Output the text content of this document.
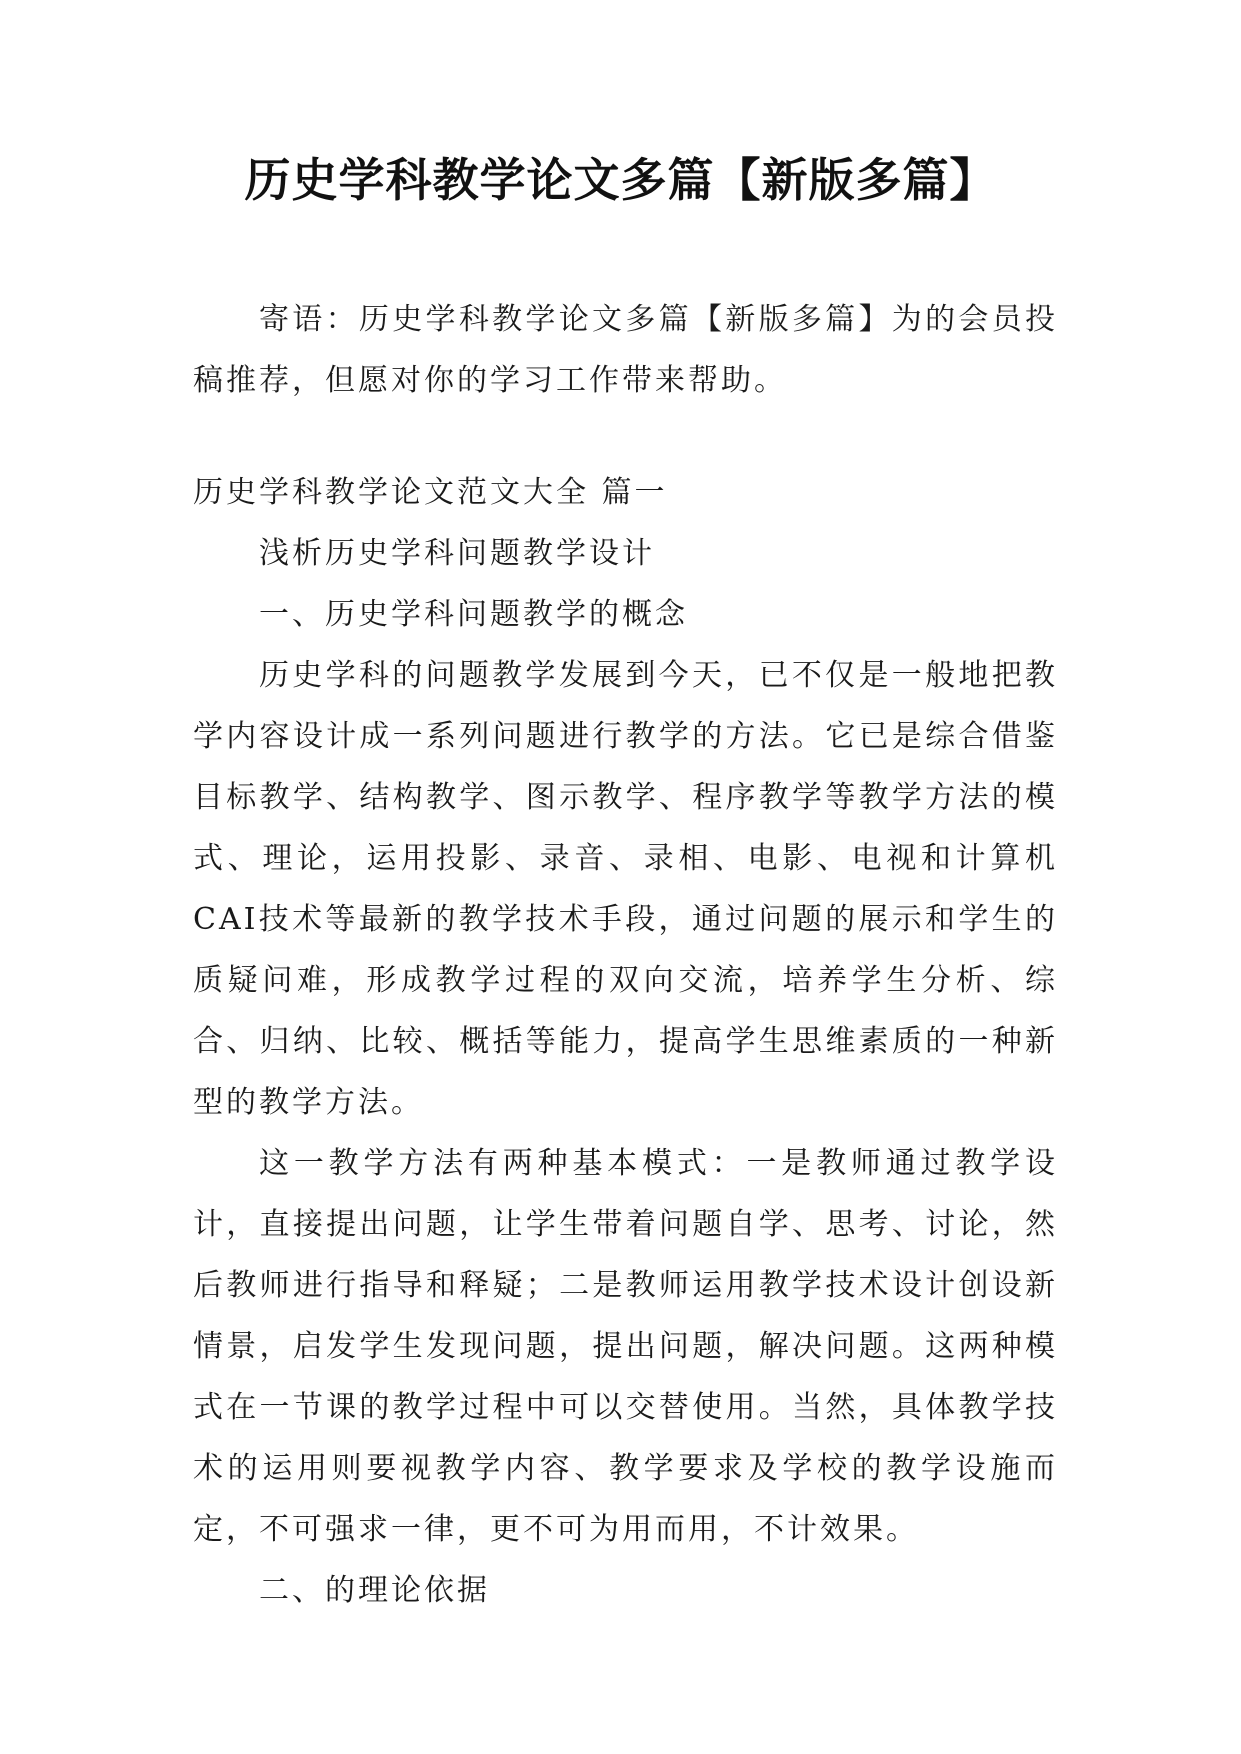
历史学科教学论文多篇【新版多篇】

寄语：历史学科教学论文多篇【新版多篇】为的会员投稿推荐，但愿对你的学习工作带来帮助。

历史学科教学论文范文大全 篇一

浅析历史学科问题教学设计

一、历史学科问题教学的概念

历史学科的问题教学发展到今天，已不仅是一般地把教学内容设计成一系列问题进行教学的方法。它已是综合借鉴目标教学、结构教学、图示教学、程序教学等教学方法的模式、理论，运用投影、录音、录相、电影、电视和计算机CAI技术等最新的教学技术手段，通过问题的展示和学生的质疑问难，形成教学过程的双向交流，培养学生分析、综合、归纳、比较、概括等能力，提高学生思维素质的一种新型的教学方法。

这一教学方法有两种基本模式：一是教师通过教学设计，直接提出问题，让学生带着问题自学、思考、讨论，然后教师进行指导和释疑；二是教师运用教学技术设计创设新情景，启发学生发现问题，提出问题，解决问题。这两种模式在一节课的教学过程中可以交替使用。当然，具体教学技术的运用则要视教学内容、教学要求及学校的教学设施而定，不可强求一律，更不可为用而用，不计效果。

二、的理论依据
